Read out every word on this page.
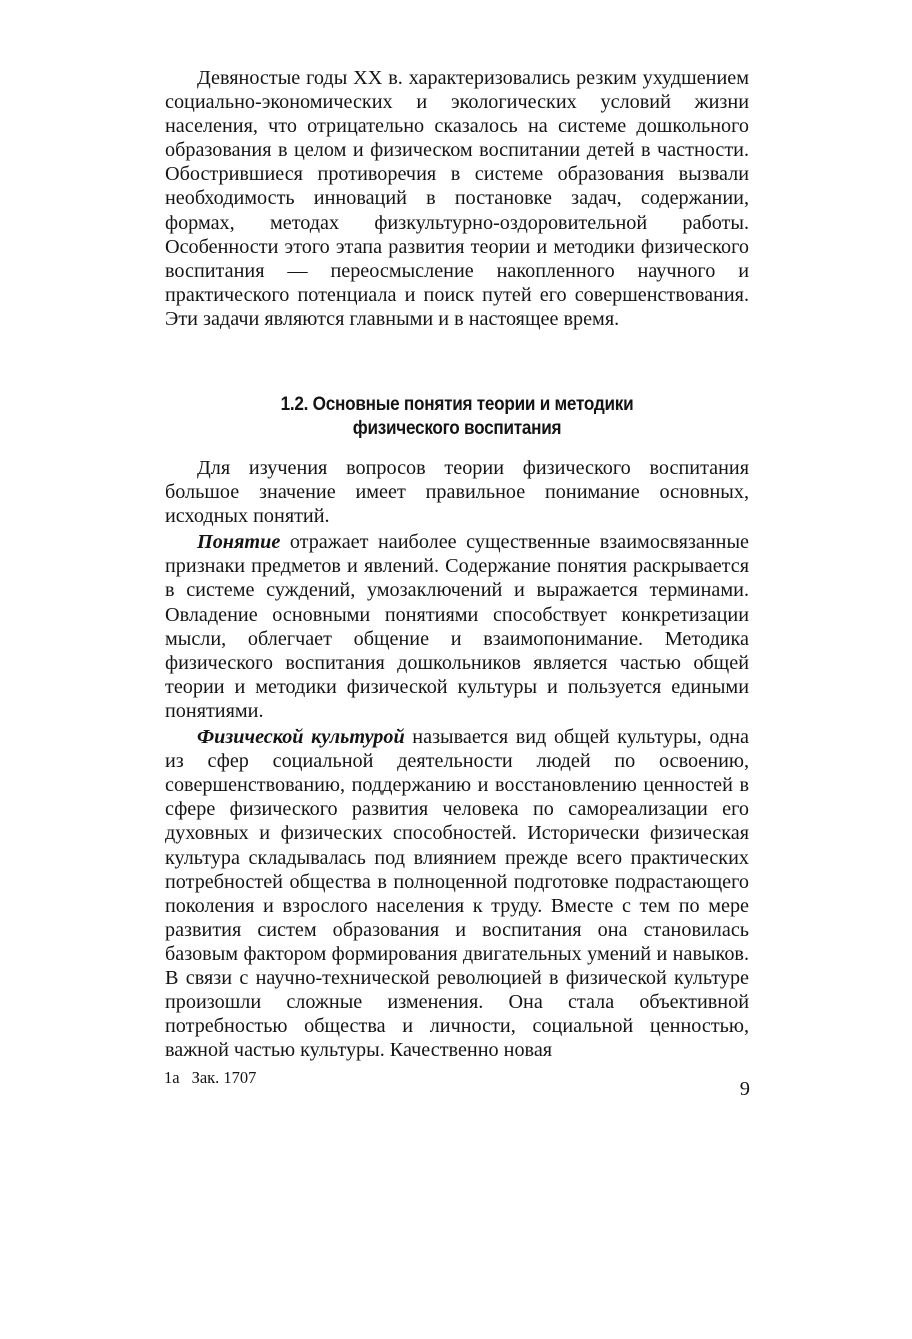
Девяностые годы XX в. характеризовались резким ухудшением социально-экономических и экологических условий жизни населения, что отрицательно сказалось на системе дошкольного образования в целом и физическом воспитании детей в частности. Обострившиеся противоречия в системе образования вызвали необходимость инноваций в постановке задач, содержании, формах, методах физкультурно-оздоровительной работы. Особенности этого этапа развития теории и методики физического воспитания — переосмысление накопленного научного и практического потенциала и поиск путей его совершенствования. Эти задачи являются главными и в настоящее время.

1.2. Основные понятия теории и методики
физического воспитания

Для изучения вопросов теории физического воспитания большое значение имеет правильное понимание основных, исходных понятий.

Понятие отражает наиболее существенные взаимосвязанные признаки предметов и явлений. Содержание понятия раскрывается в системе суждений, умозаключений и выражается терминами. Овладение основными понятиями способствует конкретизации мысли, облегчает общение и взаимопонимание. Методика физического воспитания дошкольников является частью общей теории и методики физической культуры и пользуется едиными понятиями.

Физической культурой называется вид общей культуры, одна из сфер социальной деятельности людей по освоению, совершенствованию, поддержанию и восстановлению ценностей в сфере физического развития человека по самореализации его духовных и физических способностей. Исторически физическая культура складывалась под влиянием прежде всего практических потребностей общества в полноценной подготовке подрастающего поколения и взрослого населения к труду. Вместе с тем по мере развития систем образования и воспитания она становилась базовым фактором формирования двигательных умений и навыков. В связи с научно-технической революцией в физической культуре произошли сложные изменения. Она стала объективной потребностью общества и личности, социальной ценностью, важной частью культуры. Качественно новая

1а Зак. 1707
9
